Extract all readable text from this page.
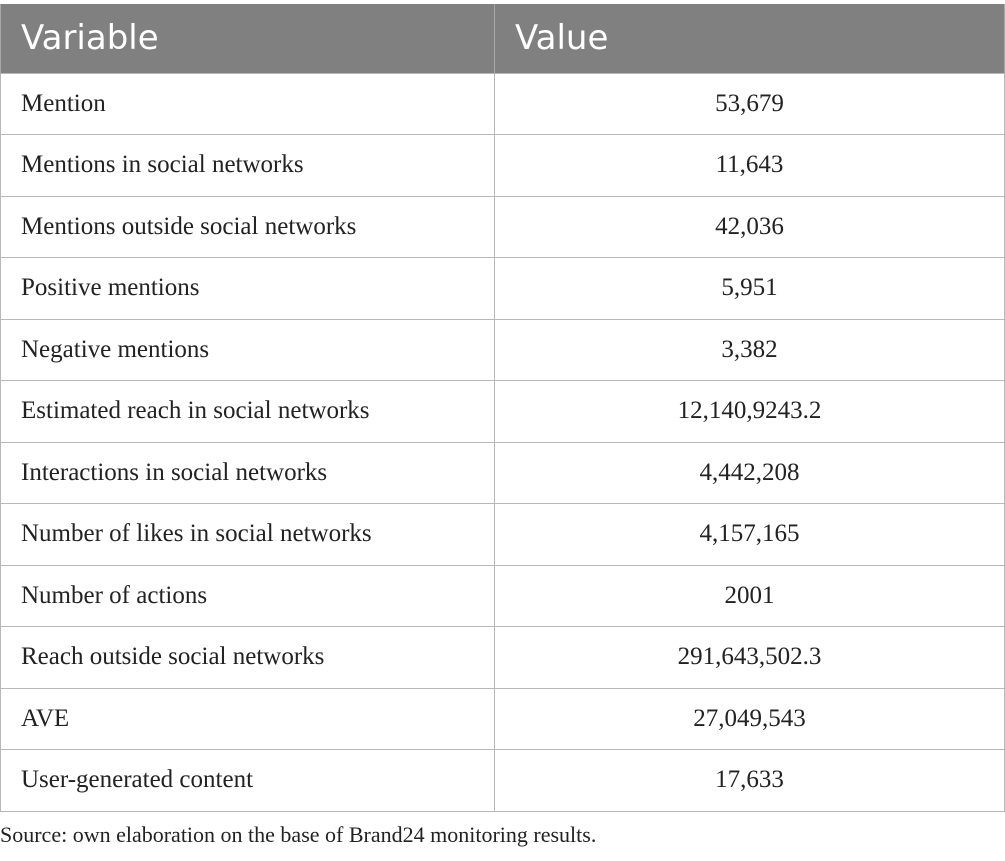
Variable	Value
Mention	53,679
Mentions in social networks	11,643
Mentions outside social networks	42,036
Positive mentions	5,951
Negative mentions	3,382
Estimated reach in social networks	12,140,9243.2
Interactions in social networks	4,442,208
Number of likes in social networks	4,157,165
Number of actions	2001
Reach outside social networks	291,643,502.3
AVE	27,049,543
User-generated content	17,633
Source: own elaboration on the base of Brand24 monitoring results.
